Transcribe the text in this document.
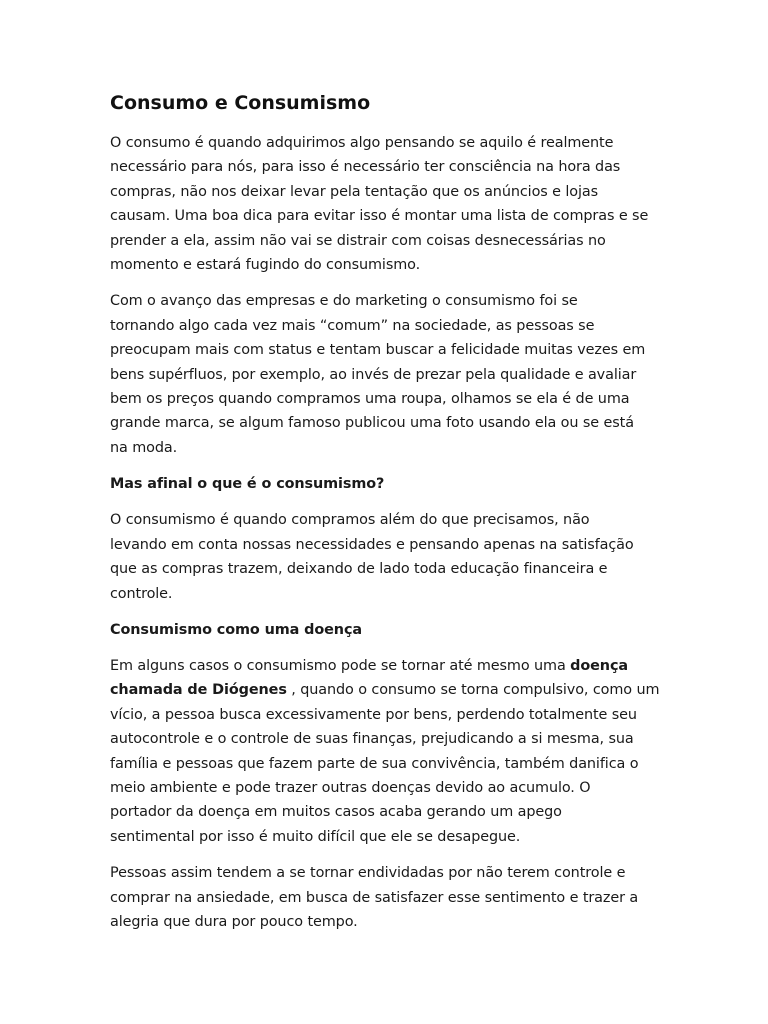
Consumo e Consumismo

O consumo é quando adquirimos algo pensando se aquilo é realmente
necessário para nós, para isso é necessário ter consciência na hora das
compras, não nos deixar levar pela tentação que os anúncios e lojas
causam. Uma boa dica para evitar isso é montar uma lista de compras e se
prender a ela, assim não vai se distrair com coisas desnecessárias no
momento e estará fugindo do consumismo.

Com o avanço das empresas e do marketing o consumismo foi se
tornando algo cada vez mais “comum” na sociedade, as pessoas se
preocupam mais com status e tentam buscar a felicidade muitas vezes em
bens supérfluos, por exemplo, ao invés de prezar pela qualidade e avaliar
bem os preços quando compramos uma roupa, olhamos se ela é de uma
grande marca, se algum famoso publicou uma foto usando ela ou se está
na moda.

Mas afinal o que é o consumismo?

O consumismo é quando compramos além do que precisamos, não
levando em conta nossas necessidades e pensando apenas na satisfação
que as compras trazem, deixando de lado toda educação financeira e
controle.

Consumismo como uma doença

Em alguns casos o consumismo pode se tornar até mesmo uma doença
chamada de Diógenes , quando o consumo se torna compulsivo, como um
vício, a pessoa busca excessivamente por bens, perdendo totalmente seu
autocontrole e o controle de suas finanças, prejudicando a si mesma, sua
família e pessoas que fazem parte de sua convivência, também danifica o
meio ambiente e pode trazer outras doenças devido ao acumulo. O
portador da doença em muitos casos acaba gerando um apego
sentimental por isso é muito difícil que ele se desapegue.

Pessoas assim tendem a se tornar endividadas por não terem controle e
comprar na ansiedade, em busca de satisfazer esse sentimento e trazer a
alegria que dura por pouco tempo.
